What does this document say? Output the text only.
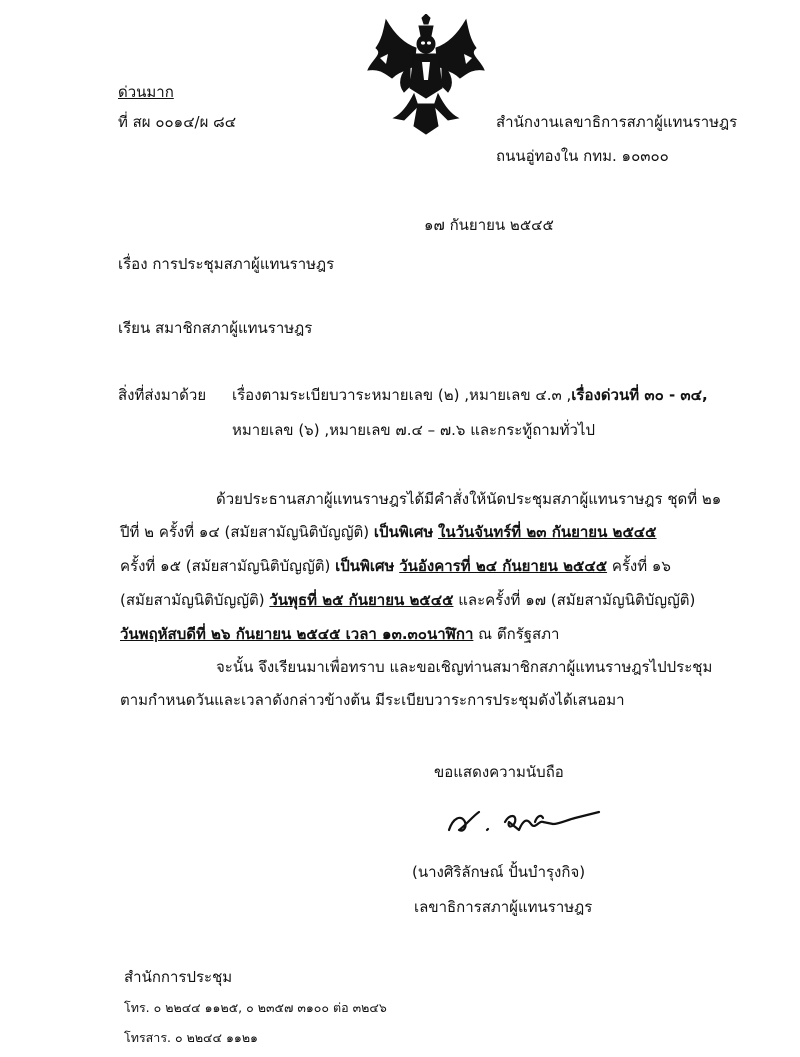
ด่วนมาก
ที่ สผ ๐๐๑๔/ผ ๘๔	สำนักงานเลขาธิการสภาผู้แทนราษฎร
ถนนอู่ทองใน กทม. ๑๐๓๐๐
๑๗ กันยายน ๒๕๔๕
เรื่อง การประชุมสภาผู้แทนราษฎร
เรียน สมาชิกสภาผู้แทนราษฎร
สิ่งที่ส่งมาด้วย เรื่องตามระเบียบวาระหมายเลข (๒) ,หมายเลข ๔.๓ ,เรื่องด่วนที่ ๓๐ - ๓๔,
หมายเลข (๖) ,หมายเลข ๗.๔ – ๗.๖ และกระทู้ถามทั่วไป
ด้วยประธานสภาผู้แทนราษฎรได้มีคำสั่งให้นัดประชุมสภาผู้แทนราษฎร ชุดที่ ๒๑
ปีที่ ๒ ครั้งที่ ๑๔ (สมัยสามัญนิติบัญญัติ) เป็นพิเศษ ในวันจันทร์ที่ ๒๓ กันยายน ๒๕๔๕
ครั้งที่ ๑๕ (สมัยสามัญนิติบัญญัติ) เป็นพิเศษ วันอังคารที่ ๒๔ กันยายน ๒๕๔๕ ครั้งที่ ๑๖
(สมัยสามัญนิติบัญญัติ) วันพุธที่ ๒๕ กันยายน ๒๕๔๕ และครั้งที่ ๑๗ (สมัยสามัญนิติบัญญัติ)
วันพฤหัสบดีที่ ๒๖ กันยายน ๒๕๔๕ เวลา ๑๓.๓๐นาฬิกา ณ ตึกรัฐสภา
จะนั้น จึงเรียนมาเพื่อทราบ และขอเชิญท่านสมาชิกสภาผู้แทนราษฎรไปประชุม
ตามกำหนดวันและเวลาดังกล่าวข้างต้น มีระเบียบวาระการประชุมดังได้เสนอมา
ขอแสดงความนับถือ
(นางศิริลักษณ์ ปั้นบำรุงกิจ)
เลขาธิการสภาผู้แทนราษฎร
สำนักการประชุม
โทร. ๐ ๒๒๔๔ ๑๑๒๕, ๐ ๒๓๕๗ ๓๑๐๐ ต่อ ๓๒๔๖
โทรสาร. ๐ ๒๒๔๔ ๑๑๒๑
